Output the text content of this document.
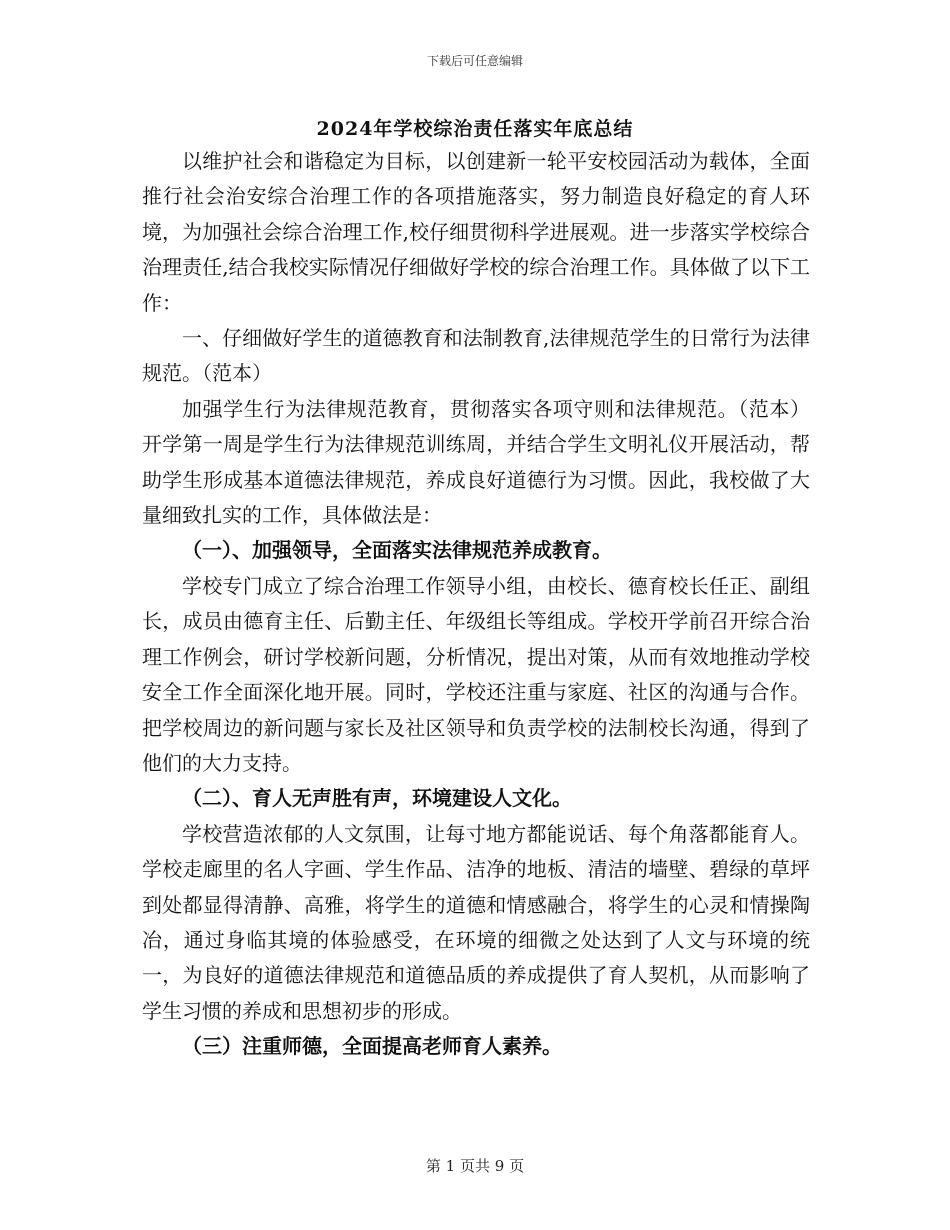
下载后可任意编辑
2024年学校综治责任落实年底总结

以维护社会和谐稳定为目标，以创建新一轮平安校园活动为载体，全面推行社会治安综合治理工作的各项措施落实，努力制造良好稳定的育人环境，为加强社会综合治理工作,校仔细贯彻科学进展观。进一步落实学校综合治理责任,结合我校实际情况仔细做好学校的综合治理工作。具体做了以下工作：

一、仔细做好学生的道德教育和法制教育,法律规范学生的日常行为法律规范。（范本）

加强学生行为法律规范教育，贯彻落实各项守则和法律规范。（范本）开学第一周是学生行为法律规范训练周，并结合学生文明礼仪开展活动，帮助学生形成基本道德法律规范，养成良好道德行为习惯。因此，我校做了大量细致扎实的工作，具体做法是：

（一）、加强领导，全面落实法律规范养成教育。

学校专门成立了综合治理工作领导小组，由校长、德育校长任正、副组长，成员由德育主任、后勤主任、年级组长等组成。学校开学前召开综合治理工作例会，研讨学校新问题，分析情况，提出对策，从而有效地推动学校安全工作全面深化地开展。同时，学校还注重与家庭、社区的沟通与合作。把学校周边的新问题与家长及社区领导和负责学校的法制校长沟通，得到了他们的大力支持。

（二）、育人无声胜有声，环境建设人文化。

学校营造浓郁的人文氛围，让每寸地方都能说话、每个角落都能育人。学校走廊里的名人字画、学生作品、洁净的地板、清洁的墙壁、碧绿的草坪到处都显得清静、高雅，将学生的道德和情感融合，将学生的心灵和情操陶冶，通过身临其境的体验感受，在环境的细微之处达到了人文与环境的统一，为良好的道德法律规范和道德品质的养成提供了育人契机，从而影响了学生习惯的养成和思想初步的形成。

（三）注重师德，全面提高老师育人素养。

第 1 页共 9 页
